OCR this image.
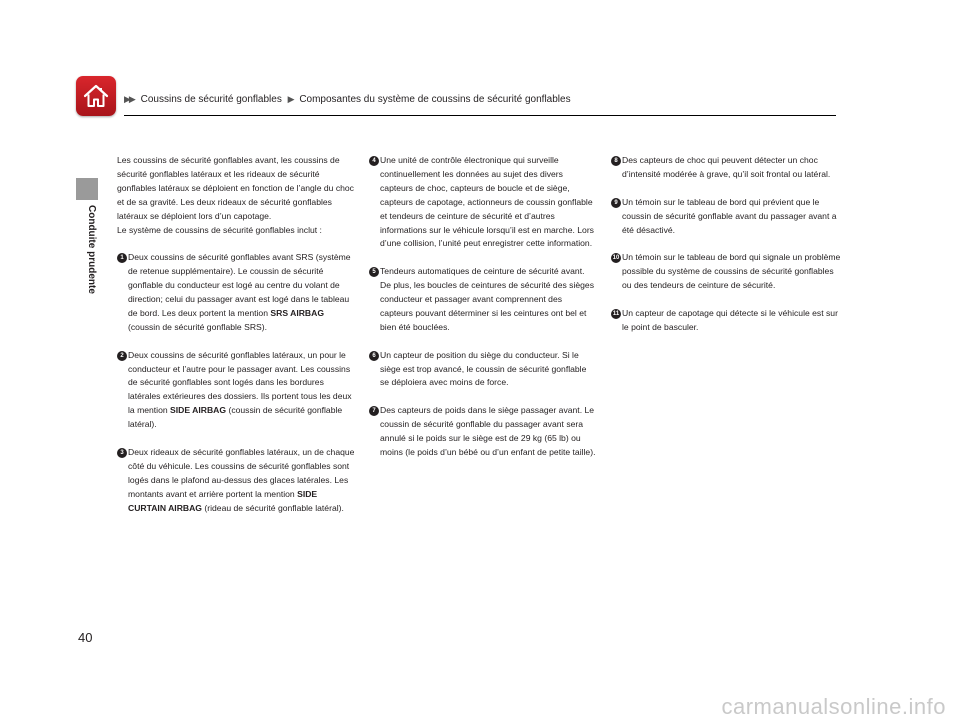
▶▶ Coussins de sécurité gonflables ▶ Composantes du système de coussins de sécurité gonflables
Conduite prudente
40

Les coussins de sécurité gonflables avant, les coussins de sécurité gonflables latéraux et les rideaux de sécurité gonflables latéraux se déploient en fonction de l’angle du choc et de sa gravité. Les deux rideaux de sécurité gonflables latéraux se déploient lors d’un capotage.
Le système de coussins de sécurité gonflables inclut :

1 Deux coussins de sécurité gonflables avant SRS (système de retenue supplémentaire). Le coussin de sécurité gonflable du conducteur est logé au centre du volant de direction; celui du passager avant est logé dans le tableau de bord. Les deux portent la mention SRS AIRBAG (coussin de sécurité gonflable SRS).
2 Deux coussins de sécurité gonflables latéraux, un pour le conducteur et l’autre pour le passager avant. Les coussins de sécurité gonflables sont logés dans les bordures latérales extérieures des dossiers. Ils portent tous les deux la mention SIDE AIRBAG (coussin de sécurité gonflable latéral).
3 Deux rideaux de sécurité gonflables latéraux, un de chaque côté du véhicule. Les coussins de sécurité gonflables sont logés dans le plafond au-dessus des glaces latérales. Les montants avant et arrière portent la mention SIDE CURTAIN AIRBAG (rideau de sécurité gonflable latéral).
4 Une unité de contrôle électronique qui surveille continuellement les données au sujet des divers capteurs de choc, capteurs de boucle et de siège, capteurs de capotage, actionneurs de coussin gonflable et tendeurs de ceinture de sécurité et d’autres informations sur le véhicule lorsqu’il est en marche. Lors d’une collision, l’unité peut enregistrer cette information.
5 Tendeurs automatiques de ceinture de sécurité avant. De plus, les boucles de ceintures de sécurité des sièges conducteur et passager avant comprennent des capteurs pouvant déterminer si les ceintures ont bel et bien été bouclées.
6 Un capteur de position du siège du conducteur. Si le siège est trop avancé, le coussin de sécurité gonflable se déploiera avec moins de force.
7 Des capteurs de poids dans le siège passager avant. Le coussin de sécurité gonflable du passager avant sera annulé si le poids sur le siège est de 29 kg (65 lb) ou moins (le poids d’un bébé ou d’un enfant de petite taille).
8 Des capteurs de choc qui peuvent détecter un choc d’intensité modérée à grave, qu’il soit frontal ou latéral.
9 Un témoin sur le tableau de bord qui prévient que le coussin de sécurité gonflable avant du passager avant a été désactivé.
10 Un témoin sur le tableau de bord qui signale un problème possible du système de coussins de sécurité gonflables ou des tendeurs de ceinture de sécurité.
11 Un capteur de capotage qui détecte si le véhicule est sur le point de basculer.
carmanualsonline.info
